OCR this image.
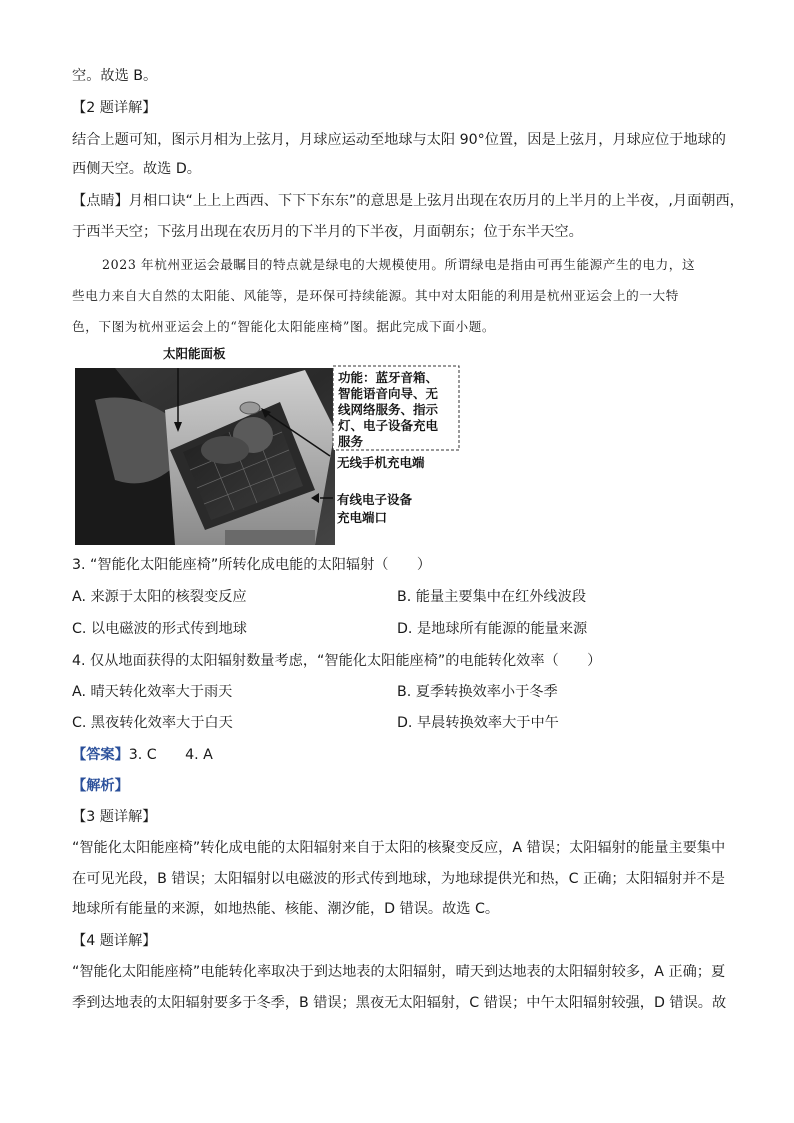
空。故选 B。
【2 题详解】
结合上题可知，图示月相为上弦月，月球应运动至地球与太阳 90°位置，因是上弦月，月球应位于地球的
西侧天空。故选 D。
【点睛】月相口诀“上上上西西、下下下东东”的意思是上弦月出现在农历月的上半月的上半夜，,月面朝西，
于西半天空；下弦月出现在农历月的下半月的下半夜，月面朝东；位于东半天空。
2023 年杭州亚运会最瞩目的特点就是绿电的大规模使用。所谓绿电是指由可再生能源产生的电力，这
些电力来自大自然的太阳能、风能等，是环保可持续能源。其中对太阳能的利用是杭州亚运会上的一大特
色，下图为杭州亚运会上的“智能化太阳能座椅”图。据此完成下面小题。
太阳能面板
功能：蓝牙音箱、
智能语音向导、无
线网络服务、指示
灯、电子设备充电
服务
无线手机充电端
有线电子设备
充电端口
3. “智能化太阳能座椅”所转化成电能的太阳辐射（　　）
A. 来源于太阳的核裂变反应	B. 能量主要集中在红外线波段
C. 以电磁波的形式传到地球	D. 是地球所有能源的能量来源
4. 仅从地面获得的太阳辐射数量考虑，“智能化太阳能座椅”的电能转化效率（　　）
A. 晴天转化效率大于雨天	B. 夏季转换效率小于冬季
C. 黑夜转化效率大于白天	D. 早晨转换效率大于中午
【答案】3. C　　4. A
【解析】
【3 题详解】
“智能化太阳能座椅”转化成电能的太阳辐射来自于太阳的核聚变反应，A 错误；太阳辐射的能量主要集中
在可见光段，B 错误；太阳辐射以电磁波的形式传到地球，为地球提供光和热，C 正确；太阳辐射并不是
地球所有能量的来源，如地热能、核能、潮汐能，D 错误。故选 C。
【4 题详解】
“智能化太阳能座椅”电能转化率取决于到达地表的太阳辐射，晴天到达地表的太阳辐射较多，A 正确；夏
季到达地表的太阳辐射要多于冬季，B 错误；黑夜无太阳辐射，C 错误；中午太阳辐射较强，D 错误。故
